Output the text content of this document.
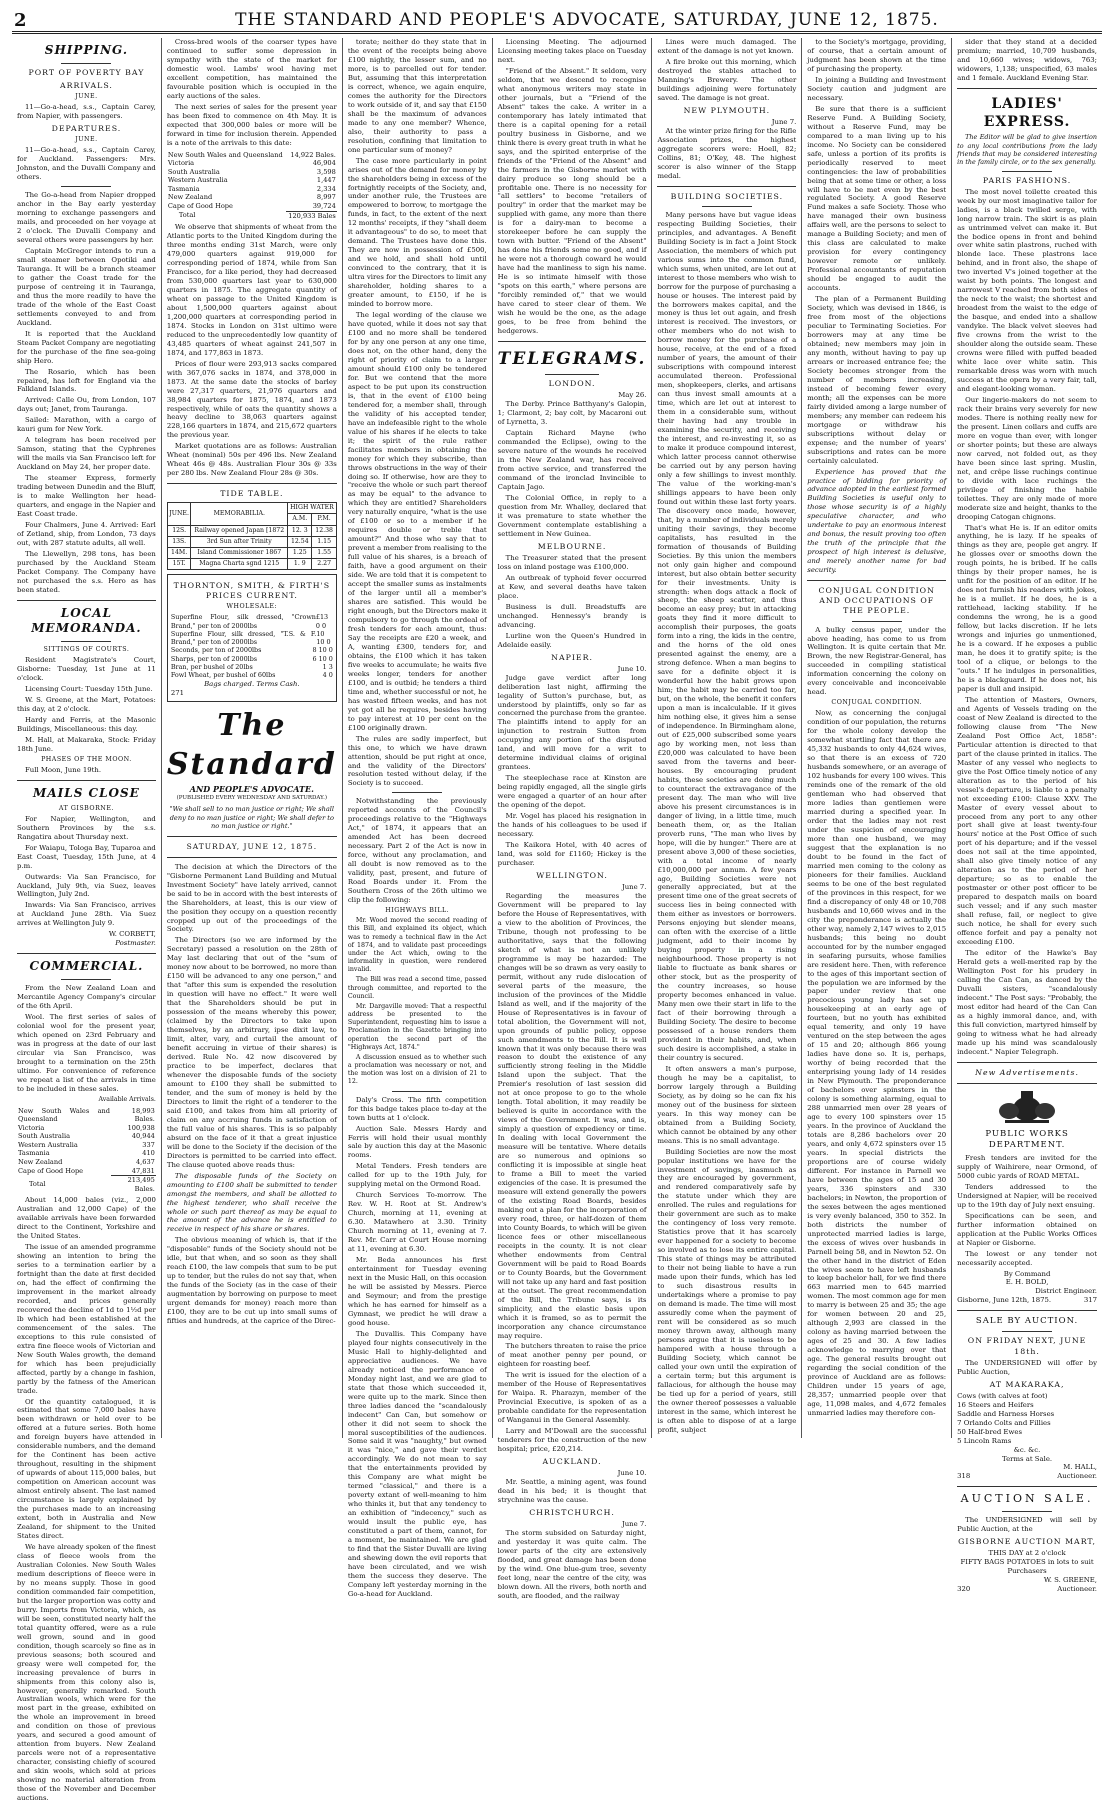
2	THE STANDARD AND PEOPLE'S ADVOCATE, SATURDAY, JUNE 12, 1875.
SHIPPING.
PORT OF POVERTY BAY
ARRIVALS.
JUNE.
11—Go-a-head, s.s., Captain Carey, from Napier, with passengers.
DEPARTURES.
JUNE.
11—Go-a-head, s.s., Captain Carey, for Auckland. Passengers: Mrs. Johnston, and the Duvalli Company and others.
The Go-a-head from Napier dropped anchor in the Bay early yesterday morning to exchange passengers and mails, and proceeded on her voyage at 2 o'clock. The Duvalli Company and several others were passengers by her.
Captain McGregor intends to run a small steamer between Opotiki and Tauranga. It will be a branch steamer to gather the Coast trade for the purpose of centreing it in Tauranga, and thus the more readily to have the trade of the whole of the East Coast settlements conveyed to and from Auckland.
It is reported that the Auckland Steam Packet Company are negotiating for the purchase of the fine sea-going ship Hero.
The Rosario, which has been repaired, has left for England via the Falkland Islands.
Arrived: Calle Ou, from London, 107 days out; Janet, from Tauranga.
Sailed: Marathon, with a cargo of kauri gum for New York.
A telegram has been received per Samson, stating that the Cyphrenes will the mails via San Francisco left for Auckland on May 24, her proper date.
The steamer Express, formerly trading between Dunedin and the Bluff, is to make Wellington her head-quarters, and engage in the Napier and East Coast trade.
Four Chalmers, June 4. Arrived: Earl of Zetland, ship, from London, 73 days out, with 287 statute adults, all well.
The Llewellyn, 298 tons, has been purchased by the Auckland Steam Packet Company. The Company have not purchased the s.s. Hero as has been stated.
LOCAL MEMORANDA.
SITTINGS OF COURTS.
Resident Magistrate's Court, Gisborne: Tuesday, 1st June at 11 o'clock.
Licensing Court: Tuesday 15th June.
W. S. Greene, at the Mart, Potatoes: this day, at 2 o'clock.
Hardy and Ferris, at the Masonic Buildings, Miscellaneous: this day.
M. Hall, at Makaraka, Stock: Friday 18th June.
PHASES OF THE MOON.
Full Moon, June 19th.
MAILS CLOSE
AT GISBORNE.
For Napier, Wellington, and Southern Provinces by the s.s. Rangatira about Thursday next.
For Waiapu, Tologa Bay, Tuparoa and East Coast, Tuesday, 15th June, at 4 p.m.
Outwards: Via San Francisco, for Auckland, July 9th, via Suez, leaves Wellington, July 2nd.
Inwards: Via San Francisco, arrives at Auckland June 28th. Via Suez arrives at Wellington July 9.
W. CORBETT,
Postmaster.
COMMERCIAL.
From the New Zealand Loan and Mercantile Agency Company's circular of the 6th April.
Wool. The first series of sales of colonial wool for the present year, which opened on 23rd February and was in progress at the date of our last circular via San Francisco, was brought to a termination on the 25th ultimo. For convenience of reference we repeat a list of the arrivals in time to be included in these sales.
Available Arrivals.
New South Wales and Queensland	18,993 Bales.
Victoria	100,938
South Australia	40,944
Western Australia	337
Tasmania	410
New Zealand	4,637
Cape of Good Hope	47,831
Total	213,495 Bales.
About 14,000 bales (viz., 2,000 Australian and 12,000 Cape) of the available arrivals have been forwarded direct to the Continent, Yorkshire and the United States.
The issue of an amended programme showing an intention to bring the series to a termination earlier by a fortnight than the date at first decided on, had the effect of confirming the improvement in the market already recorded, and prices generally recovered the decline of 1d to 1½d per lb which had been established at the commencement of the sales. The exceptions to this rule consisted of extra fine fleece wools of Victorian and New South Wales growth, the demand for which has been prejudicially affected, partly by a change in fashion, partly by the fatness of the American trade.
Of the quantity catalogued, it is estimated that some 7,000 bales have been withdrawn or held over to be offered at a future series. Both home and foreign buyers have attended in considerable numbers, and the demand for the Continent has been active throughout, resulting in the shipment of upwards of about 115,000 bales, but competition on American account was almost entirely absent. The last named circumstance is largely explained by the purchases made to an increasing extent, both in Australia and New Zealand, for shipment to the United States direct.
We have already spoken of the finest class of fleece wools from the Australian Colonies. New South Wales medium descriptions of fleece were in by no means supply. Those in good condition commanded fair competition, but the larger proportion was cotty and burry. Imports from Victoria, which, as will be seen, constituted nearly half the total quantity offered, were as a rule well grown, sound and in good condition, though scarcely so fine as in previous seasons; both scoured and greasy were well competed for, the increasing prevalence of burrs in shipments from this colony also is, however, generally remarked. South Australian wools, which were for the most part in the grease, exhibited on the whole an improvement in breed and condition on those of previous years, and secured a good amount of attention from buyers. New Zealand parcels were not of a representative character, consisting chiefly of scoured and skin wools, which sold at prices showing no material alteration from those of the November and December auctions.
Cross-bred wools of the coarser types have continued to suffer some depression in sympathy with the state of the market for domestic wool. Lambs' wool having met excellent competition, has maintained the favourable position which is occupied in the early auctions of the sales.
The next series of sales for the present year has been fixed to commence on 4th May. It is expected that 300,000 bales or more will be forward in time for inclusion therein. Appended is a note of the arrivals to this date:
New South Wales and Queensland	14,922 Bales.
Victoria	46,904
South Australia	3,598
Western Australia	1,447
Tasmania	2,334
New Zealand	8,997
Cape of Good Hope	39,724
Total	120,933 Bales
We observe that shipments of wheat from the Atlantic ports to the United Kingdom during the three months ending 31st March, were only 479,000 quarters against 919,000 for corresponding period of 1874, while from San Francisco, for a like period, they had decreased from 530,000 quarters last year to 630,000 quarters in 1875. The aggregate quantity of wheat on passage to the United Kingdom is about 1,500,000 quarters against about 1,200,000 quarters at corresponding period in 1874. Stocks in London on 31st ultimo were reduced to the unprecedentedly low quantity of 43,485 quarters of wheat against 241,507 in 1874, and 177,863 in 1873.
Prices of flour were 293,913 sacks compared with 367,076 sacks in 1874, and 378,000 in 1873. At the same date the stocks of barley were 27,317 quarters, 21,976 quarters and 38,984 quarters for 1875, 1874, and 1873 respectively, while of oats the quantity shows a heavy decline to 38,063 quarters against 228,166 quarters in 1874, and 215,672 quarters the previous year.
Market quotations are as follows: Australian Wheat (nominal) 50s per 496 lbs. New Zealand Wheat 46s @ 48s. Australian Flour 30s @ 33s per 280 lbs. New Zealand Flour 28s @ 30s.
TIDE TABLE.
JUNE.	MEMORABILIA.	HIGH WATER	
		A.M.	P.M.
12S.	Railway opened Japan [1872	12. 3	12.38
13S.	3rd Sun after Trinity	12.54	1.15
14M.	Island Commissioner 1867	1.25	1.55
15T.	Magna Charta sgnd 1215	1. 9	2.27
THORNTON, SMITH, & FIRTH'S PRICES CURRENT.
WHOLESALE:
Superfine Flour, silk dressed, "Crown Brand," per ton of 2000lbs
£13 0 0
Superfine Flour, silk dressed, "T.S. & F. Brand," per ton of 2000lbs
10 10 0
Seconds, per ton of 2000lbs	8 10 0
Sharps, per ton of 2000lbs	6 10 0
Bran, per bushel of 20lbs	1 3
Fowl Wheat, per bushel of 60lbs	4 0
Bags charged. Terms Cash.
271
The Standard
AND PEOPLE'S ADVOCATE.
(PUBLISHED EVERY WEDNESDAY AND SATURDAY.)
"We shall sell to no man justice or right; We shall deny to no man justice or right; We shall defer to no man justice or right."
SATURDAY, JUNE 12, 1875.
The decision at which the Directors of the "Gisborne Permanent Land Building and Mutual Investment Society" have lately arrived, cannot be said to be in accord with the best interests of the Shareholders, at least, this is our view of the position they occupy on a question recently cropped up out of the proceedings of the Society.
The Directors (so we are informed by the Secretary) passed a resolution on the 28th of May last declaring that out of the "sum of money now about to be borrowed, no more than £150 will be advanced to any one person," and that "after this sum is expended the resolution in question will have no effect." It were well that the Shareholders should be put in possession of the means whereby this power, (claimed by the Directors to take upon themselves, by an arbitrary, ipse dixit law, to limit, alter, vary, and curtail the amount of benefit accruing in virtue of their shares) is derived. Rule No. 42 now discovered by practice to be imperfect, declares that whenever the disposable funds of the society amount to £100 they shall be submitted to tender, and the sum of money is held by the Directors to limit the right of a tenderer to the said £100, and takes from him all priority of claim on any accruing funds in satisfaction of the full value of his shares. This is so palpably absurd on the face of it that a great injustice will be done to the Society if the decision of the Directors is permitted to be carried into effect. The clause quoted above reads thus:
The disposable funds of the Society on amounting to £100 shall be submitted to tender amongst the members, and shall be allotted to the highest tenderer, who shall receive the whole or such part thereof as may be equal to the amount of the advance he is entitled to receive in respect of his share or shares.
The obvious meaning of which is, that if the "disposable" funds of the Society should not be idle, but that when, and so soon as they shall reach £100, the law compels that sum to be put up to tender, but the rules do not say that, when the funds of the Society (as in the case of their augmentation by borrowing on purpose to meet urgent demands for money) reach more than £100, they are to be cut up into small sums of fifties and hundreds, at the caprice of the Direc-
torate; neither do they state that in the event of the receipts being above £100 nightly, the lesser sum, and no more, is to parcelled out for tender. But, assuming that this interpretation is correct, whence, we again enquire, comes the authority for the Directors to work outside of it, and say that £150 shall be the maximum of advances made to any one member? Whence, also, their authority to pass a resolution, confining that limitation to one particular sum of money?
The case more particularly in point arises out of the demand for money by the shareholders being in excess of the fortnightly receipts of the Society, and, under another rule, the Trustees are empowered to borrow, to mortgage the funds, in fact, to the extent of the next 12 months' receipts, if they "shall deem it advantageous" to do so, to meet that demand. The Trustees have done this. They are now in possession of £500, and we hold, and shall hold until convinced to the contrary, that it is ultra vires for the Directors to limit any shareholder, holding shares to a greater amount, to £150, if he is minded to borrow more.
The legal wording of the clause we have quoted, while it does not say that £100 and no more shall be tendered for by any one person at any one time, does not, on the other hand, deny the right of priority of claim to a larger amount should £100 only be tendered for. But we contend that the more aspect to be put upon its construction is, that in the event of £100 being tendered for, a member shall, through the validity of his accepted tender, have an indefeasible right to the whole value of his shares if he elects to take it; the spirit of the rule rather facilitates members in obtaining the money for which they subscribe, than throws obstructions in the way of their doing so. If otherwise, how are they to "receive the whole or such part thereof as may be equal" to the advance to which they are entitled? Shareholders very naturally enquire, "what is the use of £100 or so to a member if he requires double or treble that amount?" And those who say that to prevent a member from realising to the full value of his shares, is a breach of faith, have a good argument on their side. We are told that it is competent to accept the smaller sums as instalments of the larger until all a member's shares are satisfied. This would be right enough, but the Directors make it compulsory to go through the ordeal of fresh tenders for each amount, thus: Say the receipts are £20 a week, and A, wanting £300, tenders for, and obtains, the £100 which it has taken five weeks to accumulate; he waits five weeks longer, tenders for another £100, and is outbid; he tenders a third time and, whether successful or not, he has wasted fifteen weeks, and has not yet got all he requires, besides having to pay interest at 10 per cent on the £100 originally drawn.
The rules are sadly imperfect, but this one, to which we have drawn attention, should be put right at once, and the validity of the Directors' resolution tested without delay, if the Society is to succeed.
Notwithstanding the previously reported accounts of the Council's proceedings relative to the "Highways Act," of 1874, it appears that an amended Act has been decreed necessary. Part 2 of the Act is now in force, without any proclamation, and all doubt is now removed as to the validity, past, present, and future of Road Boards under it. From the Southern Cross of the 26th ultimo we clip the following:
HIGHWAYS BILL.
Mr. Wood moved the second reading of this Bill, and explained its object, which was to remedy a technical flaw in the Act of 1874, and to validate past proceedings under the Act which, owing to the informality in question, were rendered invalid.
The Bill was read a second time, passed through committee, and reported to the Council.
Mr. Dargaville moved: That a respectful address be presented to the Superintendent, requesting him to issue a Proclamation in the Gazette bringing into operation the second part of the "Highways Act, 1874."
A discussion ensued as to whether such a proclamation was necessary or not, and the motion was lost on a division of 21 to 12.
Daly's Cross. The fifth competition for this badge takes place to-day at the town butts at 1 o'clock.
Auction Sale. Messrs Hardy and Ferris will hold their usual monthly sale by auction this day at the Masonic rooms.
Metal Tenders. Fresh tenders are called for up to the 19th July, for supplying metal on the Ormond Road.
Church Services To-morrow. The Rev. W. H. Root at St. Andrew's Church, morning at 11, evening at 6.30. Matawhero at 3.30. Trinity Church morning at 11, evening at 7. Rev. Mr. Carr at Court House morning at 11, evening at 6.30.
Mr. Beda announces his first entertainment for Tuesday evening next in the Music Hall, on this occasion he will be assisted by Messrs. Pierce and Seymour; and from the prestige which he has earned for himself as a Gymnast, we predict he will draw a good house.
The Duvallis. This Company have played four nights consecutively in the Music Hall to highly-delighted and appreciative audiences. We have already noticed the performance of Monday night last, and we are glad to state that those which succeeded it, were quite up to the mark. Since then three ladies danced the "scandalously indecent" Can Can, but somehow or other it did not seem to shock the moral susceptibilities of the audiences. Some said it was "naughty," but owned it was "nice," and gave their verdict accordingly. We do not mean to say that the entertainments provided by this Company are what might be termed "classical," and there is a poverty extant of well-meaning to him who thinks it, but that any tendency to an exhibition of "indecency," such as would insult the public eye, has constituted a part of them, cannot, for a moment, be maintained. We are glad to find that the Sister Duvalli are living and shewing down the evil reports that have been circulated, and we wish them the success they deserve. The Company left yesterday morning in the Go-a-head for Auckland.
Licensing Meeting. The adjourned Licensing meeting takes place on Tuesday next.
"Friend of the Absent." It seldom, very seldom, that we descend to recognise what anonymous writers may state in other journals, but a "Friend of the Absent" takes the cake. A writer in a contemporary has lately intimated that there is a capital opening for a retail poultry business in Gisborne, and we think there is every great truth in what he says, and the spirited enterprise of the friends of the "Friend of the Absent" and the farmers in the Gisborne market with dairy produce so long should be a profitable one. There is no necessity for "all settlers" to become "retailers of poultry" in order that the market may be supplied with game, any more than there is for a dairy-man to become a storekeeper before he can supply the town with butter. "Friend of the Absent" has done his friends some no good, and if he were not a thorough coward he would have had the manliness to sign his name. He is so intimate himself with those "spots on this earth," where persons are "forcibly reminded of," that we would have cared to steer clear of them. We wish he would be the one, as the adage goes, to be free from behind the hedgerows.
TELEGRAMS.
LONDON.
May 26.
The Derby. Prince Batthyany's Galopin, 1; Clarmont, 2; bay colt, by Macaroni out of Lyrnetta, 3.
Captain Richard Mayne (who commanded the Eclipse), owing to the severe nature of the wounds he received in the New Zealand war, has received from active service, and transferred the command of the ironclad Invincible to Captain Jago.
The Colonial Office, in reply to a question from Mr. Whalley, declared that it was premature to state whether the Government contemplate establishing a settlement in New Guinea.
MELBOURNE.
The Treasurer stated that the present loss on inland postage was £100,000.
An outbreak of typhoid fever occurred at Kew, and several deaths have taken place.
Business is dull. Breadstuffs are unchanged. Hennessy's brandy is advancing.
Lurline won the Queen's Hundred in Adelaide easily.
NAPIER.
June 10.
Judge gave verdict after long deliberation last night, affirming the legality of Sutton's purchase, but, as understood by plaintiffs, only so far as concerned the purchase from the grantee. The plaintiffs intend to apply for an injunction to restrain Sutton from occupying any portion of the disputed land, and will move for a writ to determine individual claims of original grantees.
The steeplechase race at Kinston are being rapidly engaged, all the single girls were engaged a quarter of an hour after the opening of the depot.
Mr. Vogel has placed his resignation in the hands of his colleagues to be used if necessary.
The Kaikora Hotel, with 40 acres of land, was sold for £1160; Hickey is the purchaser.
WELLINGTON.
June 7.
Regarding the measures the Government will be prepared to lay before the House of Representatives, with a view to the abolition of Provinces, the Tribune, though not professing to be authoritative, says that the following sketch of what is not an unlikely programme is may be hazarded: The changes will be so drawn as very easily to permit, without any rude dislocation of several parts of the measure, the inclusion of the provinces of the Middle Island as well, and if the majority of the House of Representatives is in favour of total abolition, the Government will not, upon grounds of public policy, oppose such amendments to the Bill. It is well known that it was only because there was reason to doubt the existence of any sufficiently strong feeling in the Middle Island upon the subject. That the Premier's resolution of last session did not at once propose to go to the whole length. Total abolition, it may readily be believed is quite in accordance with the views of the Government. It was, and is, simply a question of expediency or time. In dealing with local Government the measure will be tentative. Where details are so numerous and opinions so conflicting it is impossible at single heat to frame a Bill to meet the varied exigencies of the case. It is presumed the measure will extend generally the powers of the existing Road Boards, besides making out a plan for the incorporation of every road, three, or half-dozen of them into County Boards, to which will be given licence fees or other miscellaneous receipts in the county. It is not clear whether endowments from Central Government will be paid to Road Boards or to County Boards, but the Government will not take up any hard and fast position at the outset. The great recommendation of the Bill, the Tribune says, is its simplicity, and the elastic basis upon which it is framed, so as to permit the incorporation any chance circumstance may require.
The butchers threaten to raise the price of meat another penny per pound, or eighteen for roasting beef.
The writ is issued for the election of a member of the House of Representatives for Waipa. R. Pharazyn, member of the Provincial Executive, is spoken of as a probable candidate for the representation of Wanganui in the General Assembly.
Larry and M'Dowall are the successful tenderers for the construction of the new hospital; price, £20,214.
AUCKLAND.
June 10.
Mr. Seattle, a mining agent, was found dead in his bed; it is thought that strychnine was the cause.
CHRISTCHURCH.
June 7.
The storm subsided on Saturday night, and yesterday it was quite calm. The lower parts of the city are extensively flooded, and great damage has been done by the wind. One blue-gum tree, seventy feet long, near the centre of the city, was blown down. All the rivers, both north and south, are flooded, and the railway
Lines were much damaged. The extent of the damage is not yet known.
A fire broke out this morning, which destroyed the stables attached to Manning's Brewery. The other buildings adjoining were fortunately saved. The damage is not great.
NEW PLYMOUTH.
June 7.
At the winter prize firing for the Rifle Association prizes, the highest aggregate scorers were: Hoell, 82; Collins, 81; O'Key, 48. The highest scorer is also winner of the Stapp medal.
BUILDING SOCIETIES.
Many persons have but vague ideas respecting Building Societies, their principles, and advantages. A Benefit Building Society is in fact a Joint Stock Association, the members of which put various sums into the common fund, which sums, when united, are let out at interest to those members who wish to borrow for the purpose of purchasing a house or houses. The interest paid by the borrowers makes capital, and the money is thus let out again, and fresh interest is received. The investors, or other members who do not wish to borrow money for the purchase of a house, receive, at the end of a fixed number of years, the amount of their subscriptions with compound interest accumulated thereon. Professional men, shopkeepers, clerks, and artisans can thus invest small amounts at a time, which are let out at interest to them in a considerable sum, without their having had any trouble in examining the security, and receiving the interest, and re-investing it, so as to make it produce compound interest, which latter process cannot otherwise be carried out by any person having only a few shillings to invest monthly. The value of the working-man's shillings appears to have been only found out within these last forty years. The discovery once made, however, that, by a number of individuals merely uniting their savings, they become capitalists, has resulted in the formation of thousands of Building Societies. By this union the members not only gain higher and compound interest, but also obtain better security for their investments. Unity is strength: when dogs attack a flock of sheep, the sheep scatter, and thus become an easy prey; but in attacking goats they find it more difficult to accomplish their purposes, the goats form into a ring, the kids in the centre, and the horns of the old ones presented against the enemy, are a strong defence. When a man begins to save for a definite object it is wonderful how the habit grows upon him; the habit may be carried too far, but, on the whole, the benefit it confers upon a man is incalculable. If it gives him nothing else, it gives him a sense of independence. In Birmingham alone, out of £25,000 subscribed some years ago by working men, not less than £20,000 was calculated to have been saved from the taverns and beer-houses. By encouraging prudent habits, these societies are doing much to counteract the extravagance of the present day. The man who will live above his present circumstances is in danger of living, in a little time, much beneath them, or, as the Italian proverb runs, "The man who lives by hope, will die by hunger." There are at present above 3,000 of these societies, with a total income of nearly £10,000,000 per annum. A few years ago, Building Societies were not generally appreciated, but at the present time one of the great secrets of success lies in being connected with them either as investors or borrowers. Persons enjoying but slender means, can often with the exercise of a little judgment, add to their income by buying property in a rising neighbourhood. Those property is not liable to fluctuate as bank shares or other stock, but as the prosperity of the country increases, so house property becomes enhanced in value. Many men owe their start in life to the fact of their borrowing through a Building Society. The desire to become possessed of a house renders them provident in their habits, and, when such desire is accomplished, a stake in their country is secured.
It often answers a man's purpose, though he may be a capitalist, to borrow largely through a Building Society, as by doing so he can fix his money out of the business for sixteen years. In this way money can be obtained from a Building Society, which cannot be obtained by any other means. This is no small advantage.
Building Societies are now the most popular institutions we have for the investment of savings, inasmuch as they are encouraged by government, and rendered comparatively safe by the statute under which they are enrolled. The rules and regulations for their government are such as to make the contingency of loss very remote. Statistics prove that it has scarcely ever happened for a society to become so involved as to lose its entire capital. This state of things may be attributed to their not being liable to have a run made upon their funds, which has led to such disastrous results in undertakings where a promise to pay on demand is made. The time will most assuredly come when the payment of rent will be considered as so much money thrown away, although many persons argue that it is useless to be hampered with a house through a Building Society, which cannot be called your own until the expiration of a certain term; but this argument is fallacious, for although the house may be tied up for a period of years, still the owner thereof possesses a valuable interest in the same, which interest he is often able to dispose of at a large profit, subject
to the Society's mortgage, providing, of course, that a certain amount of judgment has been shown at the time of purchasing the property.
In joining a Building and Investment Society caution and judgment are necessary.
Be sure that there is a sufficient Reserve Fund. A Building Society, without a Reserve Fund, may be compared to a man living up to his income. No Society can be considered safe, unless a portion of its profits is periodically reserved to meet contingencies: the law of probabilities being that at some time or other, a loss will have to be met even by the best regulated Society. A good Reserve Fund makes a safe Society. Those who have managed their own business affairs well, are the persons to select to manage a Building Society; and men of this class are calculated to make provision for every contingency however remote or unlikely. Professional accountants of reputation should be engaged to audit the accounts.
The plan of a Permanent Building Society, which was devised in 1846, is free from most of the objections peculiar to Terminating Societies. For borrowers may at any time be obtained; new members may join in any month, without having to pay up arrears or increased entrance fee; the Society becomes stronger from the number of members increasing, instead of becoming fewer every month; all the expenses can be more fairly divided among a large number of members; any member can redeem his mortgage or withdraw his subscriptions without delay or expense; and the number of years' subscriptions and rates can be more certainly calculated.
Experience has proved that the practice of bidding for priority of advance adopted in the earliest formed Building Societies is useful only to those whose security is of a highly speculative character, and who undertake to pay an enormous interest and bonus, the result proving too often the truth of the principle that the prospect of high interest is delusive, and merely another name for bad security.
CONJUGAL CONDITION AND OCCUPATIONS OF THE PEOPLE.
A bulky census paper, under the above heading, has come to us from Wellington. It is quite certain that Mr. Brown, the new Registrar-General, has succeeded in compiling statistical information concerning the colony on every conceivable and inconceivable head.
CONJUGAL CONDITION.
Now, as concerning the conjugal condition of our population, the returns for the whole colony develop the somewhat startling fact that there are 45,332 husbands to only 44,624 wives, so that there is an excess of 720 husbands somewhere, or an average of 102 husbands for every 100 wives. This reminds one of the remark of the old gentleman who had observed that more ladies than gentlemen were married during a specified year. In order that the ladies may not rest under the suspicion of encouraging more than one husband, we may suggest that the explanation is no doubt to be found in the fact of married men coming to the colony as pioneers for their families. Auckland seems to be one of the best regulated of the provinces in this respect, for we find a discrepancy of only 48 or 10,708 husbands and 10,660 wives and in the city the preponderance is actually the other way, namely 2,147 wives to 2,015 husbands; this being no doubt accounted for by the number engaged in seafaring pursuits, whose families are resident here. Then, with reference to the ages of this important section of the population we are informed by the paper under review that one precocious young lady has set up housekeeping at an early age of fourteen, but no youth has exhibited equal temerity, and only 19 have ventured on the step between the ages of 15 and 20; although 866 young ladies have done so. It is, perhaps, worthy of being recorded that the enterprising young lady of 14 resides in New Plymouth. The preponderance of bachelors over spinsters in the colony is something alarming, equal to 288 unmarried men over 28 years of age to every 100 spinsters over 15 years. In the province of Auckland the totals are 8,286 bachelors over 20 years, and only 4,672 spinsters over 15 years. In special districts the proportions are of course widely different. For instance in Parnell we have between the ages of 15 and 30 years, 336 spinsters and 330 bachelors; in Newton, the proportion of the sexes between the ages mentioned is very evenly balanced, 350 to 352. In both districts the number of unprotected married ladies is large, the excess of wives over husbands in Parnell being 58, and in Newton 52. On the other hand in the district of Eden the wives seem to have left husbands to keep bachelor hall, for we find there 663 married men to 645 married women. The most common age for men to marry is between 25 and 35; the age for women between 20 and 25, although 2,993 are classed in the colony as having married between the ages of 25 and 30. A few ladies acknowledge to marrying over that age. The general results brought out regarding the social condition of the province of Auckland are as follows: Children under 15 years of age, 28,357; unmarried people over that age, 11,098 males, and 4,672 females unmarried ladies may therefore con-
sider that they stand at a decided premium; married, 10,709 husbands, and 10,660 wives; widows, 763; widowers, 1,138; unspecified, 63 males and 1 female. Auckland Evening Star.
LADIES' EXPRESS.
The Editor will be glad to give insertion to any local contributions from the lady friends that may be considered interesting in the family circle, or to the sex generally.
PARIS FASHIONS.
The most novel toilette created this week by our most imaginative tailor for ladies, is a black twilled serge, with long narrow train. The skirt is as plain as untrimmed velvet can make it. But the bodice opens in front and behind over white satin plastrons, ruched with blonde lace. These plastrons lace behind, and in front also, the shape of two inverted V's joined together at the waist by both points. The longest and narrowest V reached from both sides of the neck to the waist; the shortest and broadest from the waist to the edge of the basque, and ended into a shallow vandyke. The black velvet sleeves had five crowns from the wrist to the shoulder along the outside seam. These crowns were filled with puffed beaded white lace over white satin. This remarkable dress was worn with much success at the opera by a very fair, tall, and elegant-looking woman.
Our lingerie-makers do not seem to rack their brains very severely for new modes. There is nothing really new for the present. Linen collars and cuffs are more en vogue than ever, with longer or shorter points; but these are always now carved, not folded out, as they have been since last spring. Muslin, net, and crêpe lisse ruchings continue to divide with lace ruchings the privilege of finishing the habile toilettes. They are only made of more moderate size and height, thanks to the drooping Catogan chignons.
That's what He is. If an editor omits anything, he is lazy. If he speaks of things as they are, people get angry. If he glosses over or smooths down the rough points, he is bribed. If he calls things by their proper names, he is unfit for the position of an editor. If he does not furnish his readers with jokes, he is a mullet. If he does, he is a rattlehead, lacking stability. If he condemns the wrong, he is a good fellow, but lacks discretion. If he lets wrongs and injuries go unmentioned, he is a coward. If he exposes a public man, he does it to gratify spite; is the tool of a clique, or belongs to the "outs." If he indulges in personalities, he is a blackguard. If he does not, his paper is dull and insipid.
The attention of Masters, Owners, and Agents of Vessels trading on the coast of New Zealand is directed to the following clause from "The New Zealand Post Office Act, 1858": Particular attention is directed to that part of the clause printed in italics. The Master of any vessel who neglects to give the Post Office timely notice of any alteration as to the period of his vessel's departure, is liable to a penalty not exceeding £100: Clause XXV. The Master of every vessel about to proceed from any port to any other port shall give at least twenty-four hours' notice at the Post Office of such port of his departure; and if the vessel does not sail at the time appointed, shall also give timely notice of any alteration as to the period of her departure; so as to enable the postmaster or other post officer to be prepared to despatch mails on board such vessel; and if any such master shall refuse, fail, or neglect to give such notice, he shall for every such offence forfeit and pay a penalty not exceeding £100.
The editor of the Hawke's Bay Herald gets a well-merited rap by the Wellington Post for his prudery in calling the Can Can, as danced by the Duvalli sisters, "scandalously indecent." The Post says: "Probably, the most editor had heard of the Can Can as a highly immoral dance, and, with this full conviction, martyred himself by going to witness what he had already made up his mind was scandalously indecent." Napier Telegraph.
New Advertisements.
PUBLIC WORKS DEPARTMENT.
Fresh tenders are invited for the supply of Waihirere, near Ormond, of 5000 cubic yards of ROAD METAL.
Tenders addressed to the Undersigned at Napier, will be received up to the 19th day of July next ensuing.
Specifications can be seen, and further information obtained on application at the Public Works Offices at Napier or Gisborne.
The lowest or any tender not necessarily accepted.
By Command
E. H. BOLD,
District Engineer.
Gisborne, June 12th, 1875.	317
SALE BY AUCTION.
ON FRIDAY NEXT, JUNE 18th.
The UNDERSIGNED will offer by Public Auction,
AT MAKARAKA,
Cows (with calves at foot)
16 Steers and Heifers
Saddle and Harness Horses
7 Orlando Colts and Fillies
50 Half-bred Ewes
5 Lincoln Rams
&c. &c.
Terms at Sale.
M. HALL,
318	Auctioneer.
AUCTION SALE.
The UNDERSIGNED will sell by Public Auction, at the
GISBORNE AUCTION MART,
THIS DAY at 2 o'clock
FIFTY BAGS POTATOES in lots to suit Purchasers
W. S. GREENE,
320	Auctioneer.
